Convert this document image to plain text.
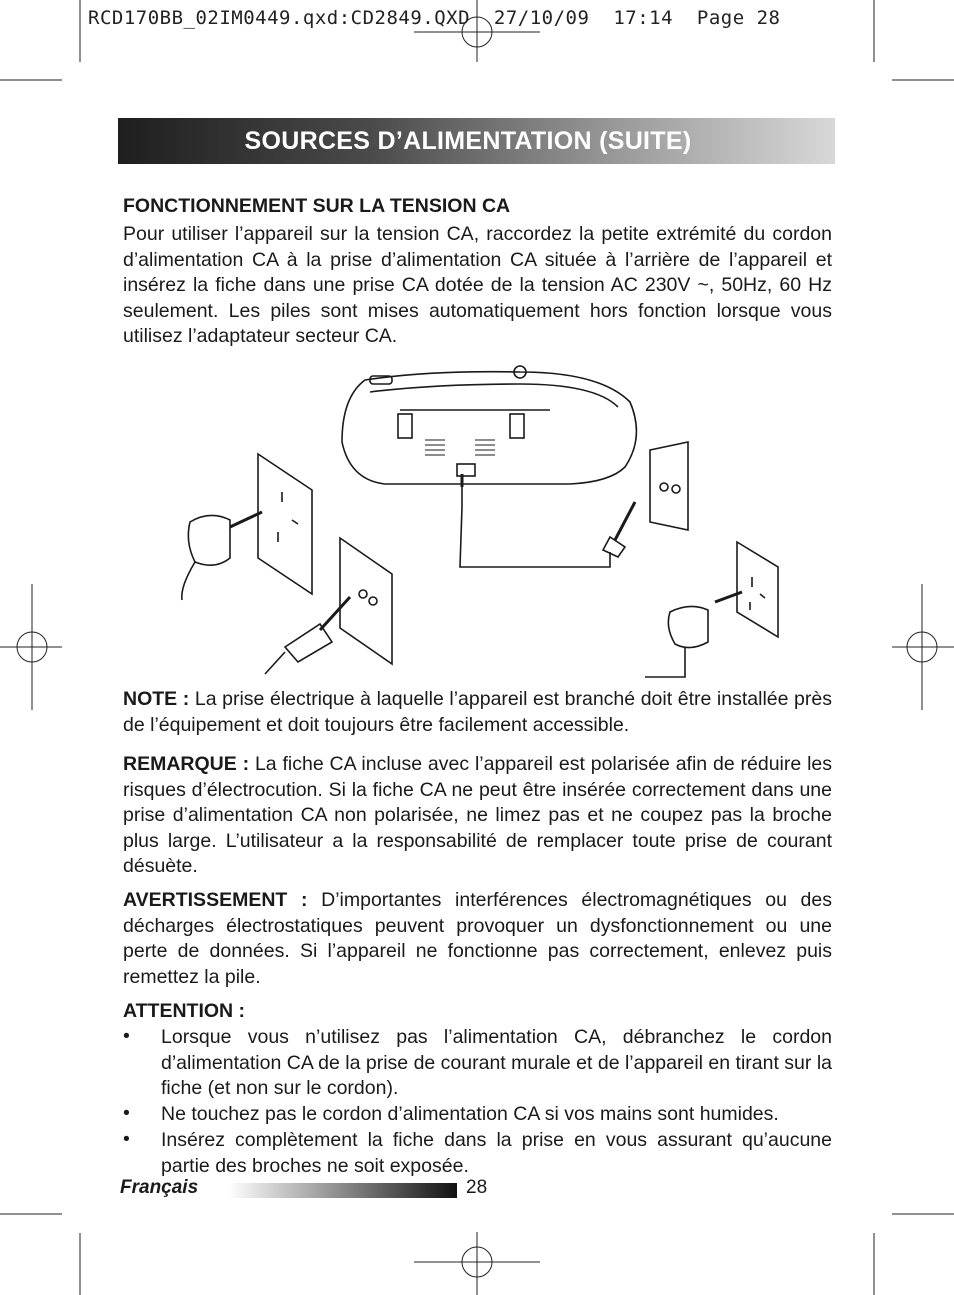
RCD170BB_02IM0449.qxd:CD2849.QXD  27/10/09  17:14  Page 28
SOURCES D’ALIMENTATION (SUITE)
FONCTIONNEMENT SUR LA TENSION CA
Pour utiliser l’appareil sur la tension CA, raccordez la petite extrémité du cordon d’alimentation CA à la prise d’alimentation CA située à l’arrière de l’appareil et insérez la fiche dans une prise CA dotée de la tension AC 230V ~, 50Hz, 60 Hz seulement. Les piles sont mises automatiquement hors fonction lorsque vous utilisez l’adaptateur secteur CA.
NOTE : La prise électrique à laquelle l’appareil est branché doit être installée près de l’équipement et doit toujours être facilement accessible.
REMARQUE : La fiche CA incluse avec l’appareil est polarisée afin de réduire les risques d’électrocution. Si la fiche CA ne peut être insérée correctement dans une prise d’alimentation CA non polarisée, ne limez pas et ne coupez pas la broche plus large. L’utilisateur a la responsabilité de remplacer toute prise de courant désuète.
AVERTISSEMENT : D’importantes interférences électromagnétiques ou des décharges électrostatiques peuvent provoquer un dysfonctionnement ou une perte de données. Si l’appareil ne fonctionne pas correctement, enlevez puis remettez la pile.
ATTENTION :
• Lorsque vous n’utilisez pas l’alimentation CA, débranchez le cordon d’alimentation CA de la prise de courant murale et de l’appareil en tirant sur la fiche (et non sur le cordon).
• Ne touchez pas le cordon d’alimentation CA si vos mains sont humides.
• Insérez complètement la fiche dans la prise en vous assurant qu’aucune partie des broches ne soit exposée.
Français	28
